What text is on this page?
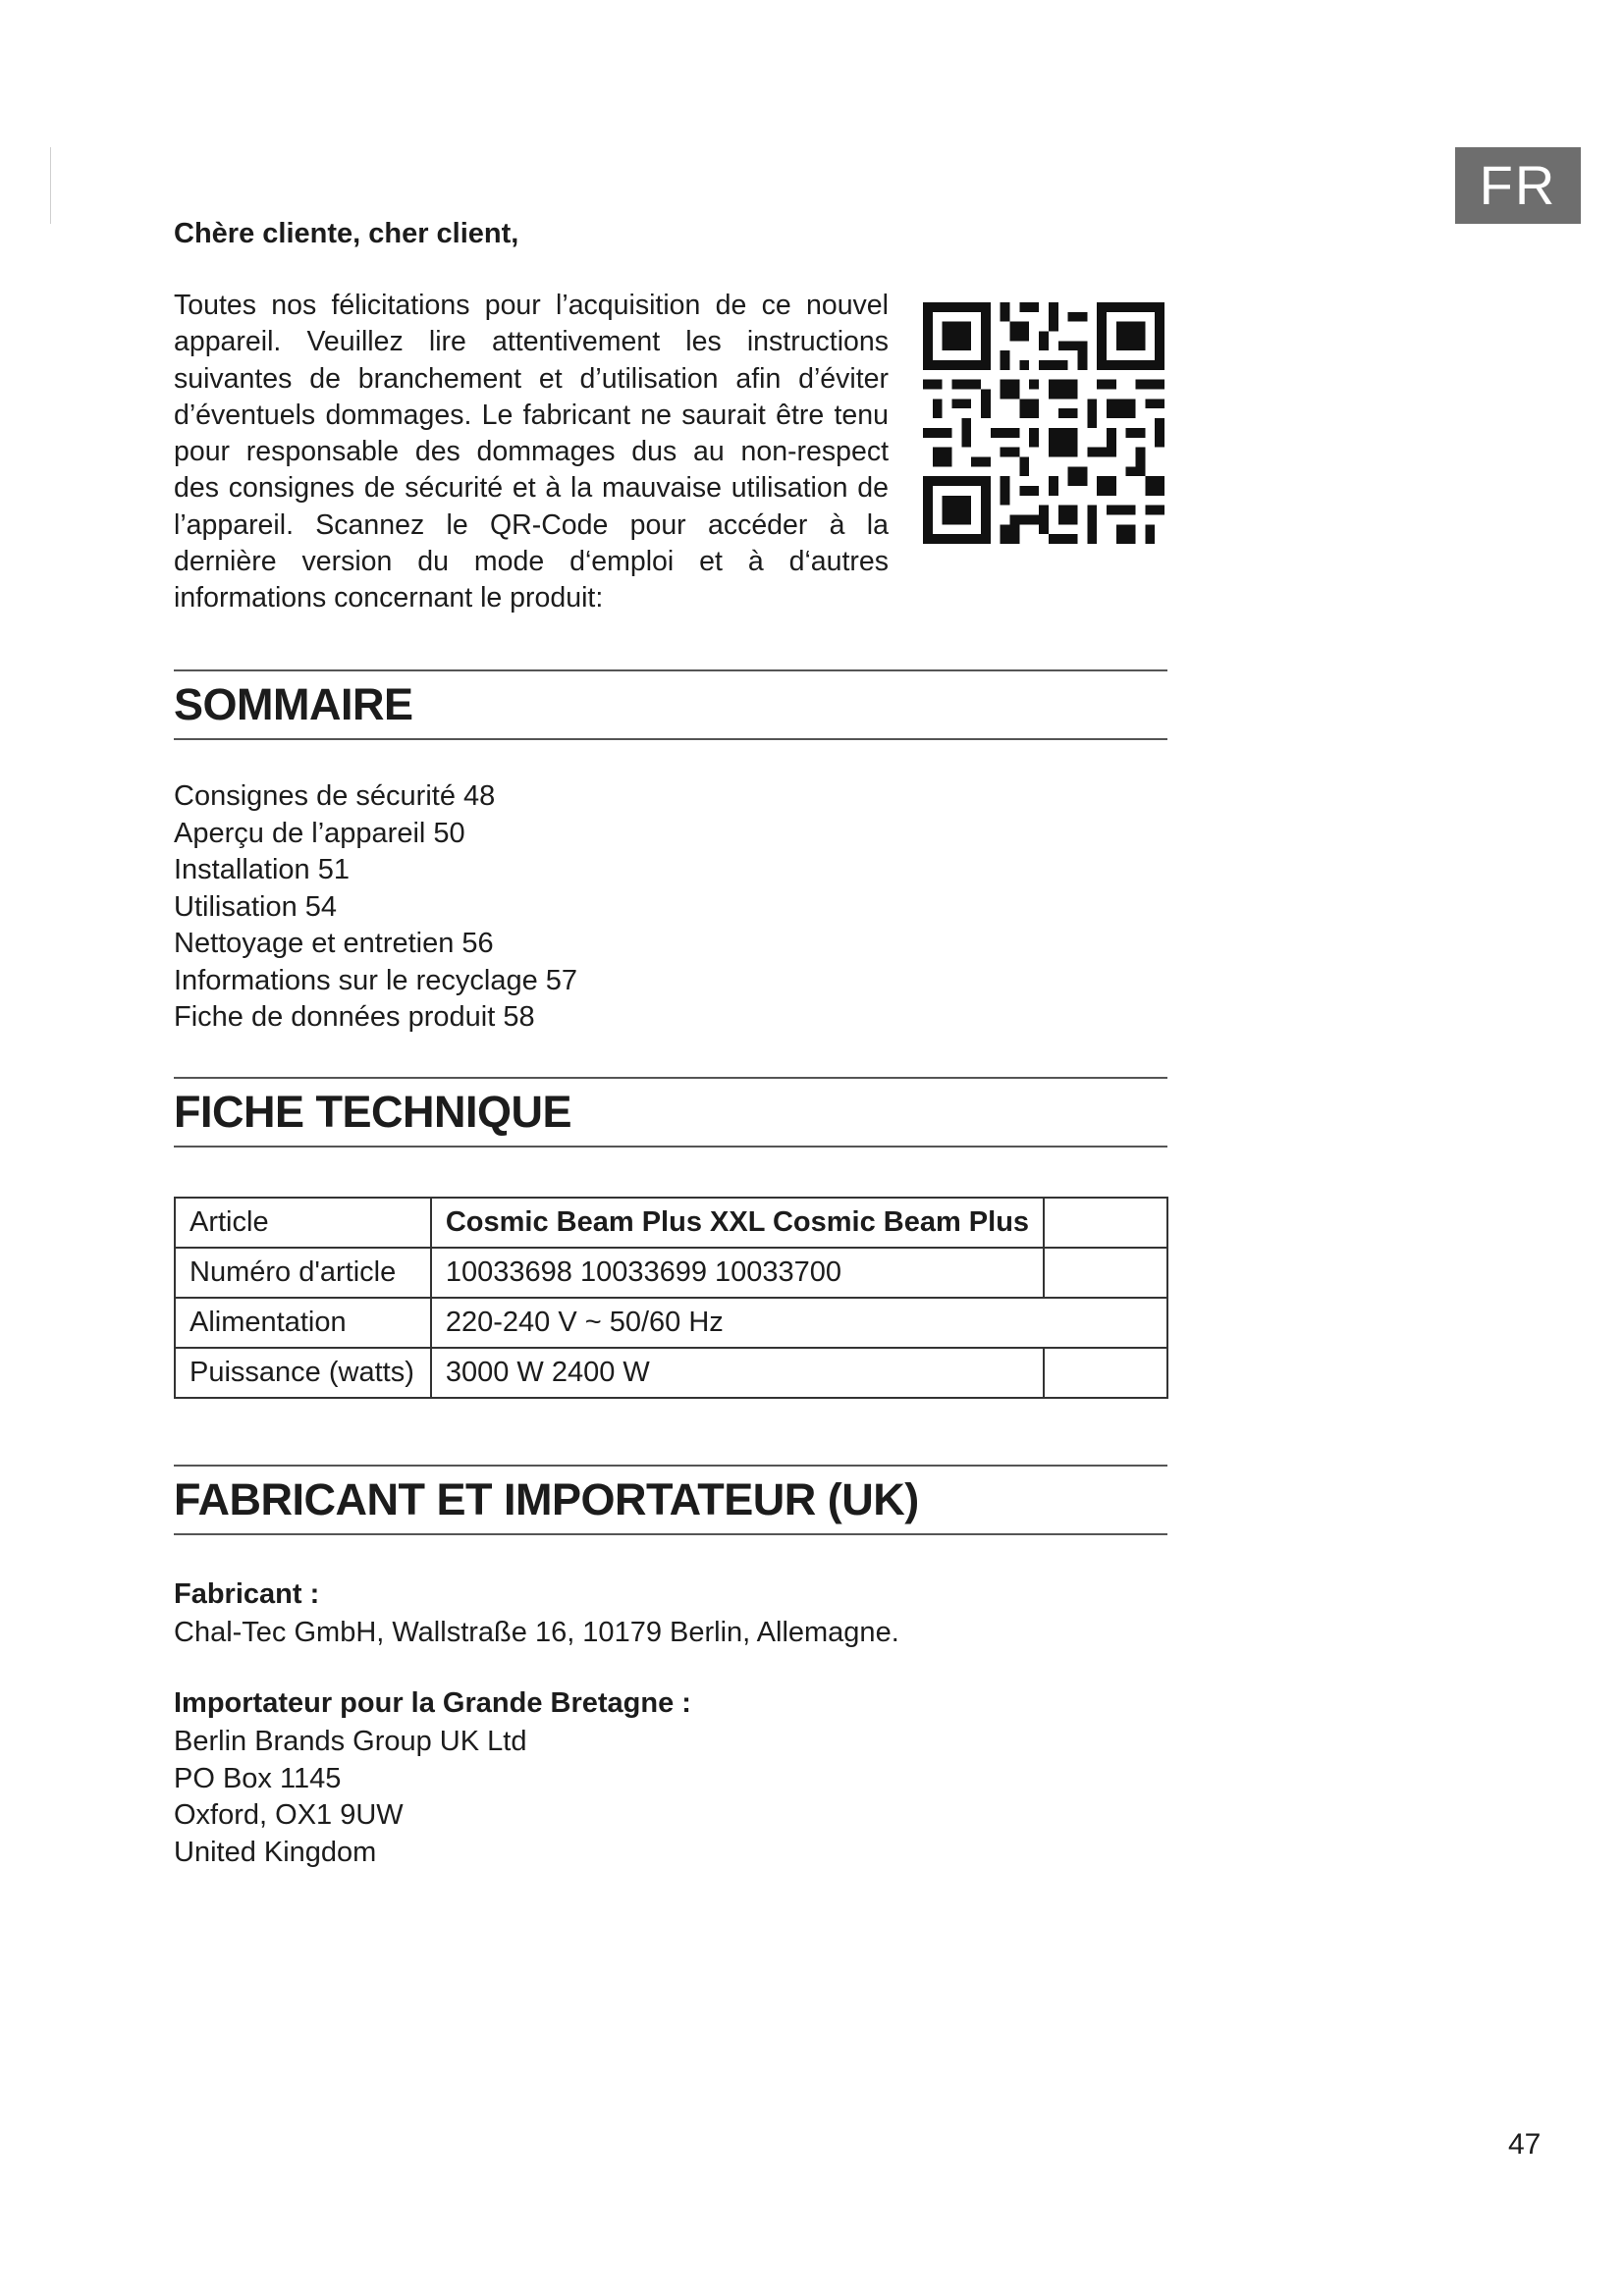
FR
Chère cliente, cher client,

Toutes nos félicitations pour l’acquisition de ce nouvel appareil. Veuillez lire attentivement les instructions suivantes de branchement et d’utilisation afin d’éviter d’éventuels dommages. Le fabricant ne saurait être tenu pour responsable des dommages dus au non-respect des consignes de sécurité et à la mauvaise utilisation de l’appareil. Scannez le QR-Code pour accéder à la dernière version du mode d‘emploi et à d‘autres informations concernant le produit:

SOMMAIRE
Consignes de sécurité 48
Aperçu de l’appareil 50
Installation 51
Utilisation 54
Nettoyage et entretien 56
Informations sur le recyclage 57
Fiche de données produit 58
FICHE TECHNIQUE
Article	Cosmic Beam Plus XXL Cosmic Beam Plus	
Numéro d'article	10033698 10033699 10033700	
Alimentation	220-240 V ~ 50/60 Hz	
Puissance (watts)	3000 W 2400 W	
FABRICANT ET IMPORTATEUR (UK)
Fabricant :
Chal-Tec GmbH, Wallstraße 16, 10179 Berlin, Allemagne.
Importateur pour la Grande Bretagne :
Berlin Brands Group UK Ltd
PO Box 1145
Oxford, OX1 9UW
United Kingdom
47
